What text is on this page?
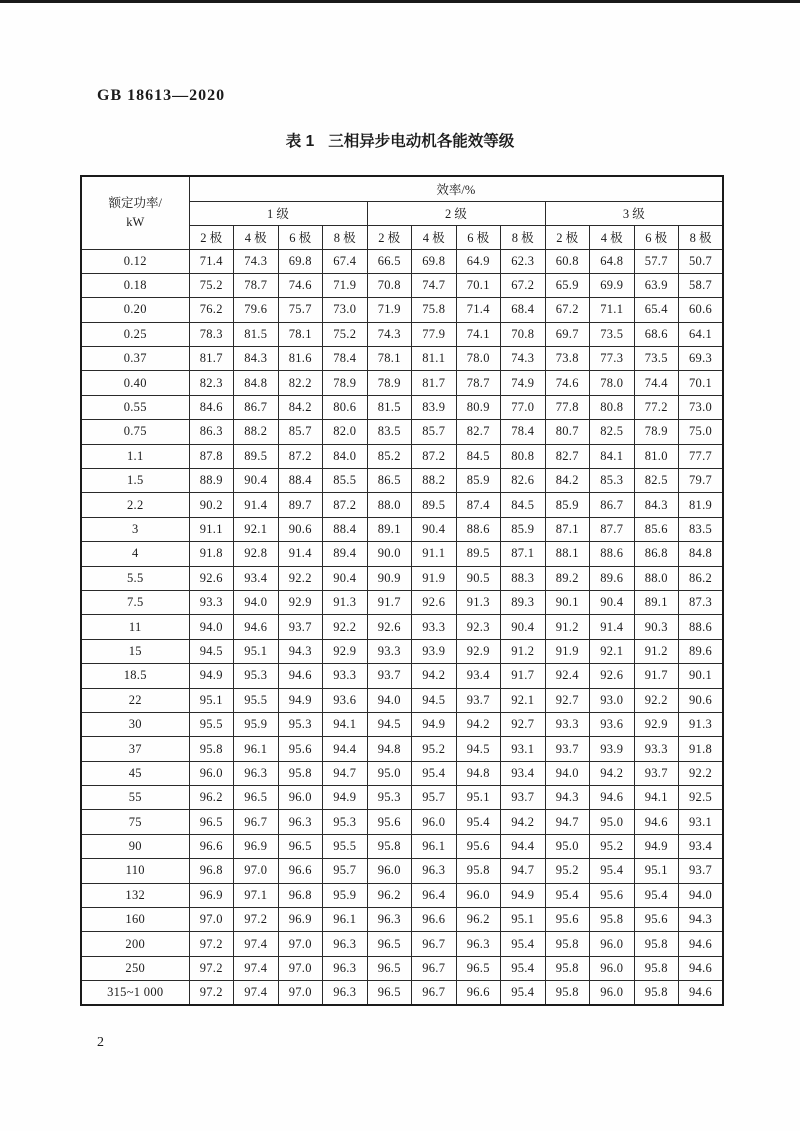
GB 18613—2020
表 1 三相异步电动机各能效等级
额定功率/
kW	效率/%											
	1 级				2 级				3 级			
	2 极	4 极	6 极	8 极	2 极	4 极	6 极	8 极	2 极	4 极	6 极	8 极
0.12	71.4	74.3	69.8	67.4	66.5	69.8	64.9	62.3	60.8	64.8	57.7	50.7
0.18	75.2	78.7	74.6	71.9	70.8	74.7	70.1	67.2	65.9	69.9	63.9	58.7
0.20	76.2	79.6	75.7	73.0	71.9	75.8	71.4	68.4	67.2	71.1	65.4	60.6
0.25	78.3	81.5	78.1	75.2	74.3	77.9	74.1	70.8	69.7	73.5	68.6	64.1
0.37	81.7	84.3	81.6	78.4	78.1	81.1	78.0	74.3	73.8	77.3	73.5	69.3
0.40	82.3	84.8	82.2	78.9	78.9	81.7	78.7	74.9	74.6	78.0	74.4	70.1
0.55	84.6	86.7	84.2	80.6	81.5	83.9	80.9	77.0	77.8	80.8	77.2	73.0
0.75	86.3	88.2	85.7	82.0	83.5	85.7	82.7	78.4	80.7	82.5	78.9	75.0
1.1	87.8	89.5	87.2	84.0	85.2	87.2	84.5	80.8	82.7	84.1	81.0	77.7
1.5	88.9	90.4	88.4	85.5	86.5	88.2	85.9	82.6	84.2	85.3	82.5	79.7
2.2	90.2	91.4	89.7	87.2	88.0	89.5	87.4	84.5	85.9	86.7	84.3	81.9
3	91.1	92.1	90.6	88.4	89.1	90.4	88.6	85.9	87.1	87.7	85.6	83.5
4	91.8	92.8	91.4	89.4	90.0	91.1	89.5	87.1	88.1	88.6	86.8	84.8
5.5	92.6	93.4	92.2	90.4	90.9	91.9	90.5	88.3	89.2	89.6	88.0	86.2
7.5	93.3	94.0	92.9	91.3	91.7	92.6	91.3	89.3	90.1	90.4	89.1	87.3
11	94.0	94.6	93.7	92.2	92.6	93.3	92.3	90.4	91.2	91.4	90.3	88.6
15	94.5	95.1	94.3	92.9	93.3	93.9	92.9	91.2	91.9	92.1	91.2	89.6
18.5	94.9	95.3	94.6	93.3	93.7	94.2	93.4	91.7	92.4	92.6	91.7	90.1
22	95.1	95.5	94.9	93.6	94.0	94.5	93.7	92.1	92.7	93.0	92.2	90.6
30	95.5	95.9	95.3	94.1	94.5	94.9	94.2	92.7	93.3	93.6	92.9	91.3
37	95.8	96.1	95.6	94.4	94.8	95.2	94.5	93.1	93.7	93.9	93.3	91.8
45	96.0	96.3	95.8	94.7	95.0	95.4	94.8	93.4	94.0	94.2	93.7	92.2
55	96.2	96.5	96.0	94.9	95.3	95.7	95.1	93.7	94.3	94.6	94.1	92.5
75	96.5	96.7	96.3	95.3	95.6	96.0	95.4	94.2	94.7	95.0	94.6	93.1
90	96.6	96.9	96.5	95.5	95.8	96.1	95.6	94.4	95.0	95.2	94.9	93.4
110	96.8	97.0	96.6	95.7	96.0	96.3	95.8	94.7	95.2	95.4	95.1	93.7
132	96.9	97.1	96.8	95.9	96.2	96.4	96.0	94.9	95.4	95.6	95.4	94.0
160	97.0	97.2	96.9	96.1	96.3	96.6	96.2	95.1	95.6	95.8	95.6	94.3
200	97.2	97.4	97.0	96.3	96.5	96.7	96.3	95.4	95.8	96.0	95.8	94.6
250	97.2	97.4	97.0	96.3	96.5	96.7	96.5	95.4	95.8	96.0	95.8	94.6
315~1 000	97.2	97.4	97.0	96.3	96.5	96.7	96.6	95.4	95.8	96.0	95.8	94.6
2
